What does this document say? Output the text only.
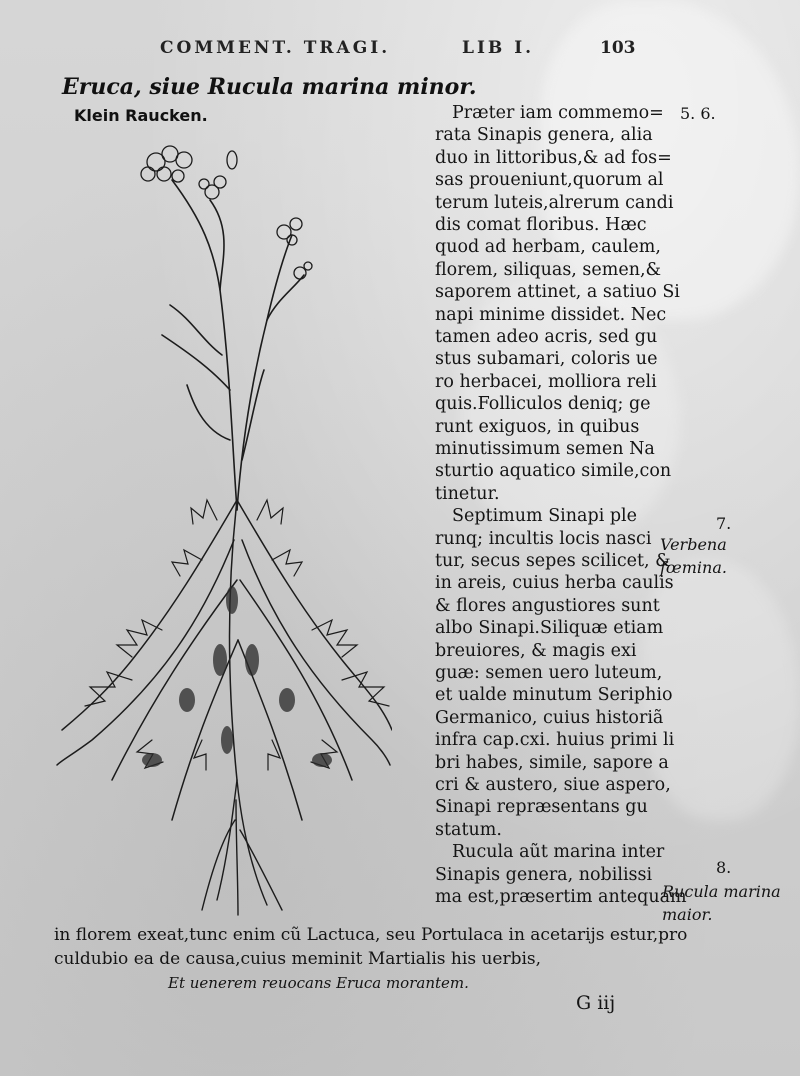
COMMENT. TRAGI.	LIB I.	103
Eruca, siue Rucula marina minor.
Klein Raucken.	Præter iam commemo=
rata Sinapis genera, alia
duo in littoribus,& ad fos=
sas proueniunt,quorum al
terum luteis,alrerum candi
dis comat floribus. Hæc
quod ad herbam, caulem,
florem, siliquas, semen,&
saporem attinet, a satiuo Si
napi minime dissidet. Nec
tamen adeo acris, sed gu
stus subamari, coloris ue
ro herbacei, molliora reli
quis.Folliculos deniq; ge
runt exiguos, in quibus
minutissimum semen Na
sturtio aquatico simile,con
tinetur.
Septimum Sinapi ple
runq; incultis locis nasci
tur, secus sepes scilicet, &
in areis, cuius herba caulis
& flores angustiores sunt
albo Sinapi.Siliquæ etiam
breuiores, & magis exi
guæ: semen uero luteum,
et ualde minutum Seriphio
Germanico, cuius historiã
infra cap.cxi. huius primi li
bri habes, simile, sapore a
cri & austero, siue aspero,
Sinapi repræsentans gu
statum.
Rucula aũt marina inter
Sinapis genera, nobilissi
ma est,præsertim antequam
5. 6.
7.
Verbena
fœmina.
8.
Rucula marina
maior.
in florem exeat,tunc enim cũ Lactuca, seu Portulaca in acetarijs estur,pro
culdubio ea de causa,cuius meminit Martialis his uerbis,
Et uenerem reuocans Eruca morantem.
G iij
